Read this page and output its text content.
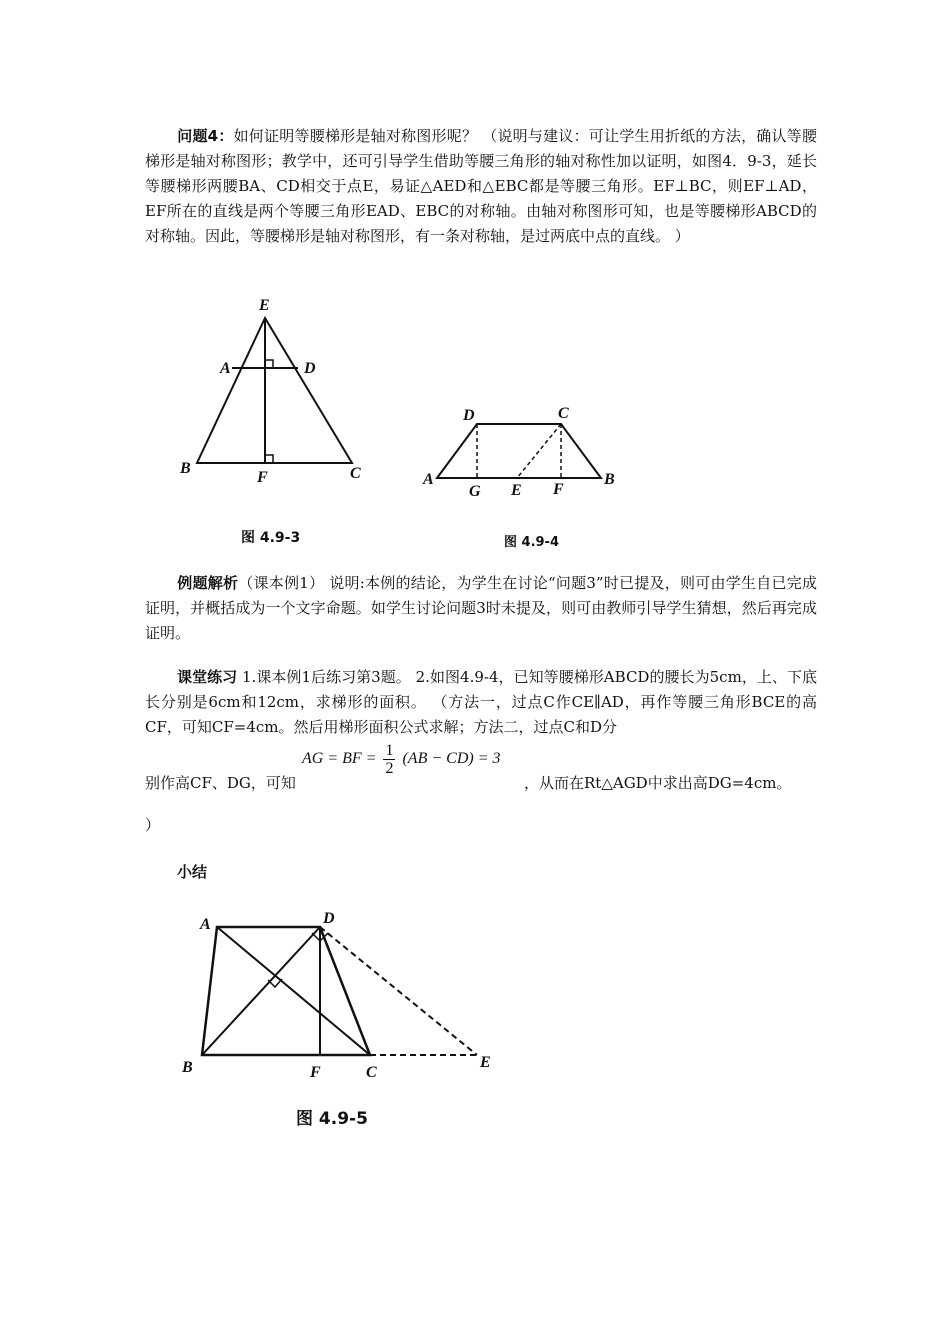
问题4：如何证明等腰梯形是轴对称图形呢？ （说明与建议：可让学生用折纸的方法，确认等腰梯形是轴对称图形；教学中，还可引导学生借助等腰三角形的轴对称性加以证明，如图4．9-3，延长等腰梯形两腰BA、CD相交于点E，易证△AED和△EBC都是等腰三角形。EF⊥BC，则EF⊥AD，EF所在的直线是两个等腰三角形EAD、EBC的对称轴。由轴对称图形可知，也是等腰梯形ABCD的对称轴。因此，等腰梯形是轴对称图形，有一条对称轴，是过两底中点的直线。 ）

E
A	D
B
F	C
图 4.9-3
D	C
A
G E F
B
图 4.9-4

例题解析（课本例1） 说明:本例的结论，为学生在讨论“问题3”时已提及，则可由学生自已完成证明，并概括成为一个文字命题。如学生讨论问题3时未提及，则可由教师引导学生猜想，然后再完成证明。

课堂练习 1.课本例1后练习第3题。 2.如图4.9-4，已知等腰梯形ABCD的腰长为5cm，上、下底长分别是6cm和12cm，求梯形的面积。 （方法一，过点C作CE∥AD，再作等腰三角形BCE的高CF，可知CF=4cm。然后用梯形面积公式求解；方法二，过点C和D分

别作高CF、DG，可知
AG = BF = $\frac{1}{2} (AB - CD) = 3$
，从而在Rt△AGD中求出高DG=4cm。
）
小结
A	D
B	F	C
E
图 4.9-5
